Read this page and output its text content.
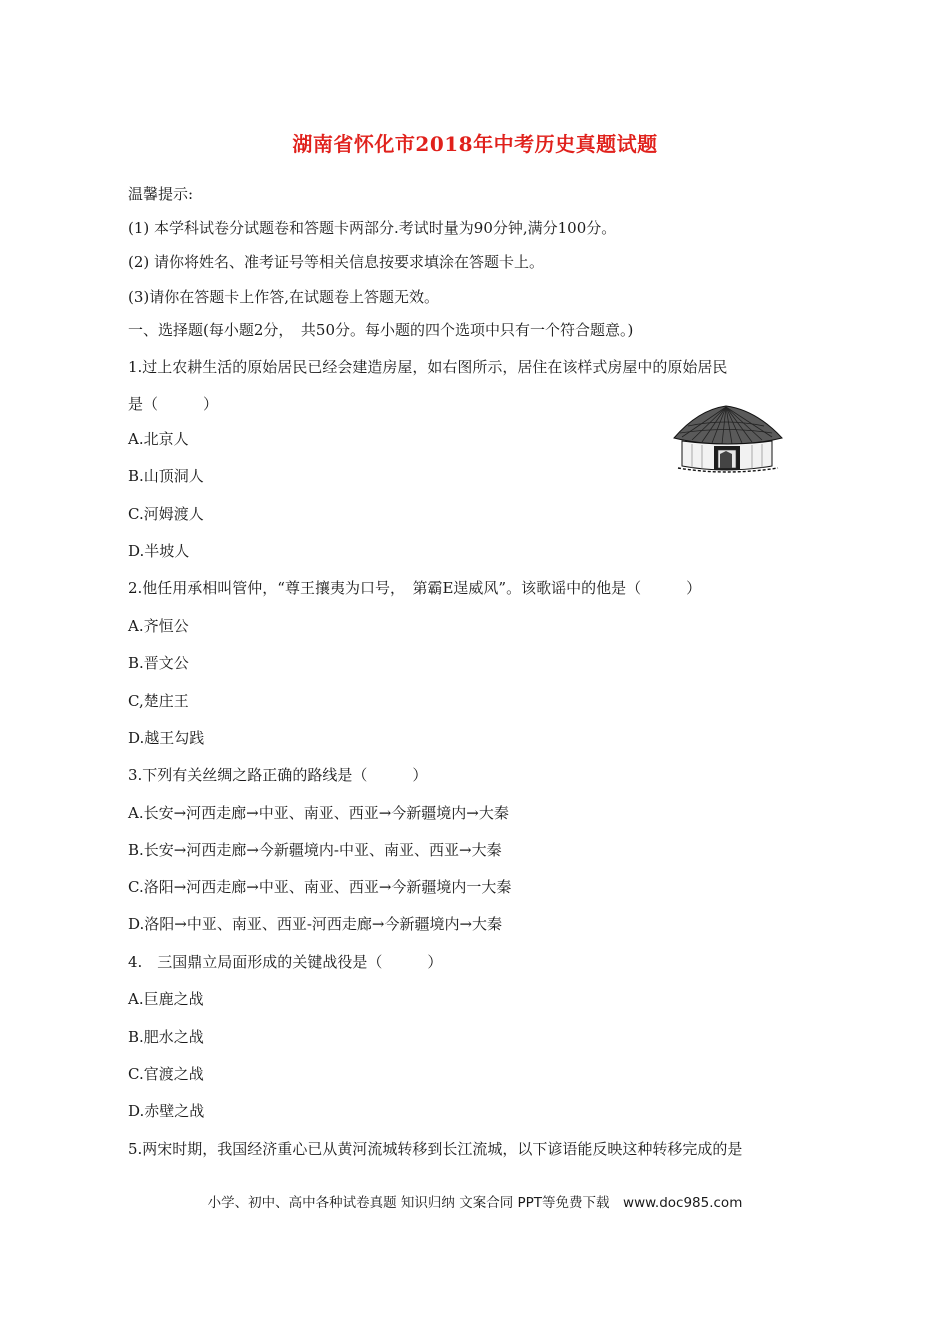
湖南省怀化市2018年中考历史真题试题
温馨提示:
(1) 本学科试卷分试题卷和答题卡两部分.考试时量为90分钟,满分100分。
(2) 请你将姓名、准考证号等相关信息按要求填涂在答题卡上。
(3)请你在答题卡上作答,在试题卷上答题无效。
一、选择题(每小题2分，　共50分。每小题的四个选项中只有一个符合题意。)
1.过上农耕生活的原始居民已经会建造房屋，如右图所示，居住在该样式房屋中的原始居民
是（　　　）
A.北京人
B.山顶洞人
C.河姆渡人
D.半坡人
2.他任用承相叫管仲，“尊王攘夷为口号，　第霸E逞威风”。该歌谣中的他是（　　　）
A.齐恒公
B.晋文公
C,楚庄王
D.越王勾践
3.下列有关丝绸之路正确的路线是（　　　）
A.长安→河西走廊→中亚、南亚、西亚→今新疆境内→大秦
B.长安→河西走廊→今新疆境内-中亚、南亚、西亚→大秦
C.洛阳→河西走廊→中亚、南亚、西亚→今新疆境内一大秦
D.洛阳→中亚、南亚、西亚-河西走廊→今新疆境内→大秦
4.　三国鼎立局面形成的关键战役是（　　　）
A.巨鹿之战
B.肥水之战
C.官渡之战
D.赤壁之战
5.两宋时期，我国经济重心已从黄河流城转移到长江流城，以下谚语能反映这种转移完成的是
小学、初中、高中各种试卷真题 知识归纳 文案合同 PPT等免费下载　www.doc985.com
